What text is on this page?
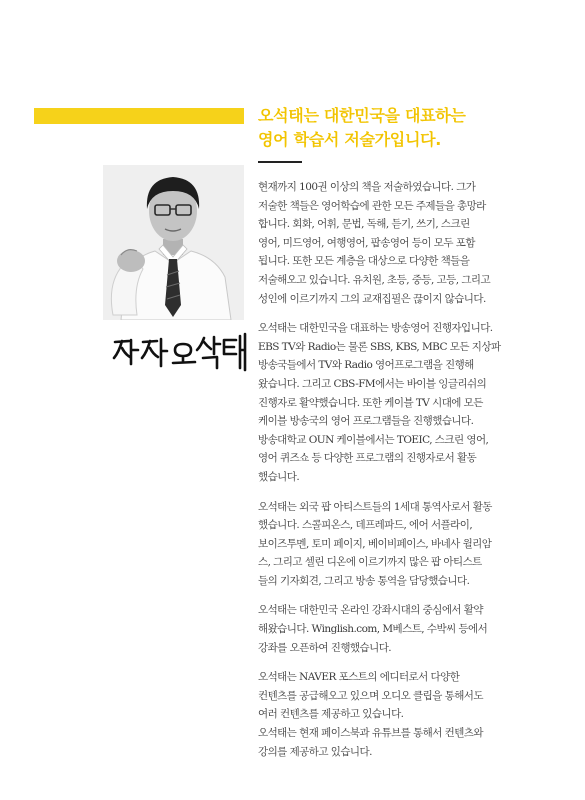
오석태는 대한민국을 대표하는
영어 학습서 저술가입니다.

현재까지 100권 이상의 책을 저술하였습니다. 그가
저술한 책들은 영어학습에 관한 모든 주제들을 총망라
합니다. 회화, 어휘, 문법, 독해, 듣기, 쓰기, 스크린
영어, 미드영어, 여행영어, 팝송영어 등이 모두 포함
됩니다. 또한 모든 계층을 대상으로 다양한 책들을
저술해오고 있습니다. 유치원, 초등, 중등, 고등, 그리고
성인에 이르기까지 그의 교재집필은 끊이지 않습니다.

오석태는 대한민국을 대표하는 방송영어 진행자입니다.
EBS TV와 Radio는 물론 SBS, KBS, MBC 모든 지상파
방송국들에서 TV와 Radio 영어프로그램을 진행해
왔습니다. 그리고 CBS-FM에서는 바이블 잉글리쉬의
진행자로 활약했습니다. 또한 케이블 TV 시대에 모든
케이블 방송국의 영어 프로그램들을 진행했습니다.
방송대학교 OUN 케이블에서는 TOEIC, 스크린 영어,
영어 퀴즈쇼 등 다양한 프로그램의 진행자로서 활동
했습니다.

오석태는 외국 팝 아티스트들의 1세대 통역사로서 활동
했습니다. 스콜피온스, 데프레파드, 에어 서플라이,
보이즈투멘, 토미 페이지, 베이비페이스, 바네사 윌리암
스, 그리고 셀린 디온에 이르기까지 많은 팝 아티스트
들의 기자회견, 그리고 방송 통역을 담당했습니다.

오석태는 대한민국 온라인 강좌시대의 중심에서 활약
해왔습니다. Winglish.com, M베스트, 수박씨 등에서
강좌를 오픈하여 진행했습니다.

오석태는 NAVER 포스트의 에디터로서 다양한
컨텐츠를 공급해오고 있으며 오디오 클립을 통해서도
여러 컨텐츠를 제공하고 있습니다.

오석태는 현재 페이스북과 유튜브를 통해서 컨텐츠와
강의를 제공하고 있습니다.
